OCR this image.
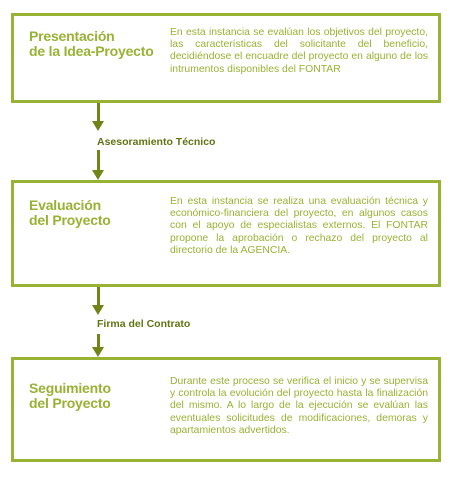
Presentación
de la Idea-Proyecto

En esta instancia se evalúan los objetivos del proyecto, las características del solicitante del beneficio, decidiéndose el encuadre del proyecto en alguno de los intrumentos disponibles del FONTAR

Asesoramiento Técnico

Evaluación
del Proyecto

En esta instancia se realiza una evaluación técnica y económico-financiera del proyecto, en algunos casos con el apoyo de especialistas externos. El FONTAR propone la aprobación o rechazo del proyecto al directorio de la AGENCIA.

Firma del Contrato

Seguimiento
del Proyecto

Durante este proceso se verifica el inicio y se supervisa y controla la evolución del proyecto hasta la finalización del mismo. A lo largo de la ejecución se evalúan las eventuales solicitudes de modificaciones, demoras y apartamientos advertidos.
